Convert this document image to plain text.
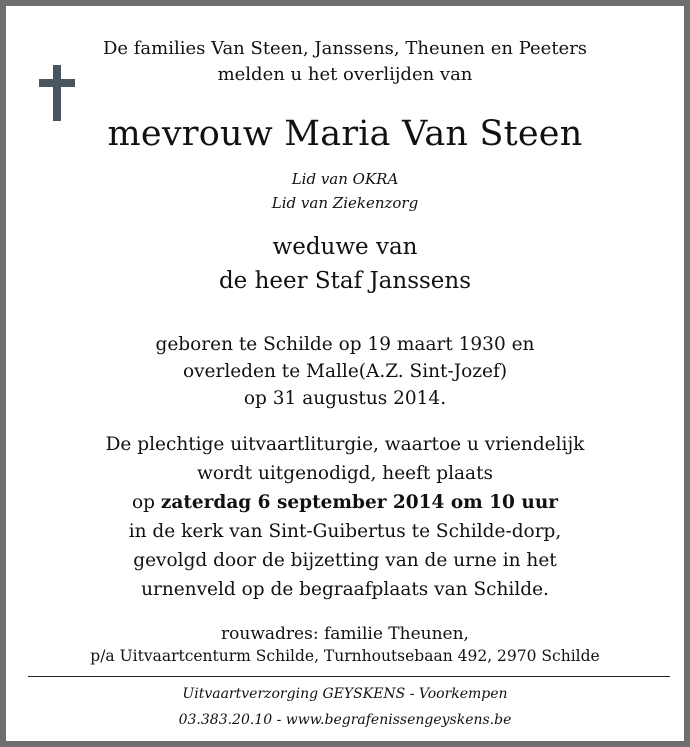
De families Van Steen, Janssens, Theunen en Peeters
melden u het overlijden van
mevrouw Maria Van Steen
Lid van OKRA
Lid van Ziekenzorg
weduwe van
de heer Staf Janssens
geboren te Schilde op 19 maart 1930 en
overleden te Malle(A.Z. Sint-Jozef)
op 31 augustus 2014.
De plechtige uitvaartliturgie, waartoe u vriendelijk
wordt uitgenodigd, heeft plaats
op zaterdag 6 september 2014 om 10 uur
in de kerk van Sint-Guibertus te Schilde-dorp,
gevolgd door de bijzetting van de urne in het
urnenveld op de begraafplaats van Schilde.
rouwadres: familie Theunen,
p/a Uitvaartcenturm Schilde, Turnhoutsebaan 492, 2970 Schilde
Uitvaartverzorging GEYSKENS - Voorkempen
03.383.20.10 - www.begrafenissengeyskens.be
